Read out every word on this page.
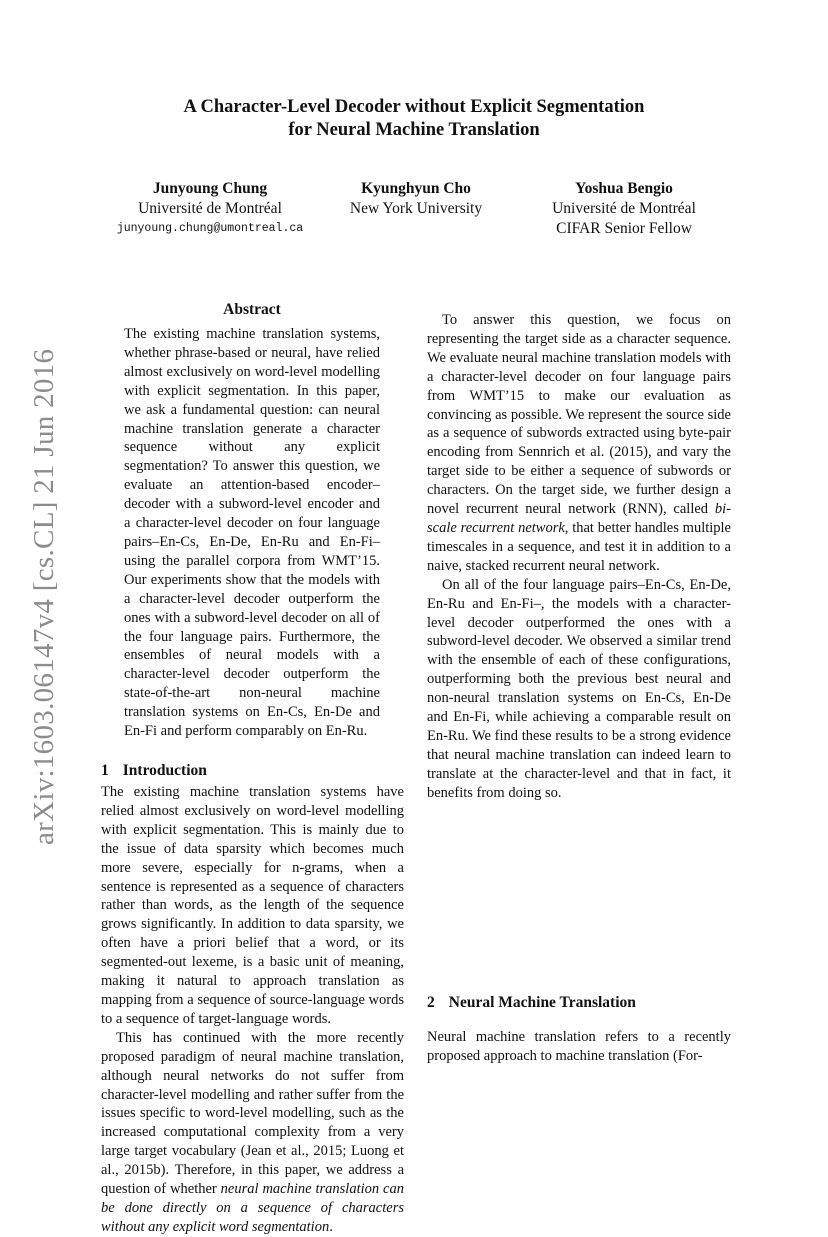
A Character-Level Decoder without Explicit Segmentation
for Neural Machine Translation
Junyoung Chung
Université de Montréal
junyoung.chung@umontreal.ca
Kyunghyun Cho
New York University
Yoshua Bengio
Université de Montréal
CIFAR Senior Fellow
arXiv:1603.06147v4 [cs.CL] 21 Jun 2016
Abstract

The existing machine translation systems, whether phrase-based or neural, have relied almost exclusively on word-level modelling with explicit segmentation. In this paper, we ask a fundamental question: can neural machine translation generate a character sequence without any explicit segmentation? To answer this question, we evaluate an attention-based encoder–decoder with a subword-level encoder and a character-level decoder on four language pairs–En-Cs, En-De, En-Ru and En-Fi– using the parallel corpora from WMT’15. Our experiments show that the models with a character-level decoder outperform the ones with a subword-level decoder on all of the four language pairs. Furthermore, the ensembles of neural models with a character-level decoder outperform the state-of-the-art non-neural machine translation systems on En-Cs, En-De and En-Fi and perform comparably on En-Ru.

1 Introduction

The existing machine translation systems have relied almost exclusively on word-level modelling with explicit segmentation. This is mainly due to the issue of data sparsity which becomes much more severe, especially for n-grams, when a sentence is represented as a sequence of characters rather than words, as the length of the sequence grows significantly. In addition to data sparsity, we often have a priori belief that a word, or its segmented-out lexeme, is a basic unit of meaning, making it natural to approach translation as mapping from a sequence of source-language words to a sequence of target-language words.

This has continued with the more recently proposed paradigm of neural machine translation, although neural networks do not suffer from character-level modelling and rather suffer from the issues specific to word-level modelling, such as the increased computational complexity from a very large target vocabulary (Jean et al., 2015; Luong et al., 2015b). Therefore, in this paper, we address a question of whether neural machine translation can be done directly on a sequence of characters without any explicit word segmentation.

To answer this question, we focus on representing the target side as a character sequence. We evaluate neural machine translation models with a character-level decoder on four language pairs from WMT’15 to make our evaluation as convincing as possible. We represent the source side as a sequence of subwords extracted using byte-pair encoding from Sennrich et al. (2015), and vary the target side to be either a sequence of subwords or characters. On the target side, we further design a novel recurrent neural network (RNN), called bi-scale recurrent network, that better handles multiple timescales in a sequence, and test it in addition to a naive, stacked recurrent neural network.

On all of the four language pairs–En-Cs, En-De, En-Ru and En-Fi–, the models with a character-level decoder outperformed the ones with a subword-level decoder. We observed a similar trend with the ensemble of each of these configurations, outperforming both the previous best neural and non-neural translation systems on En-Cs, En-De and En-Fi, while achieving a comparable result on En-Ru. We find these results to be a strong evidence that neural machine translation can indeed learn to translate at the character-level and that in fact, it benefits from doing so.

2 Neural Machine Translation

Neural machine translation refers to a recently proposed approach to machine translation (For-
